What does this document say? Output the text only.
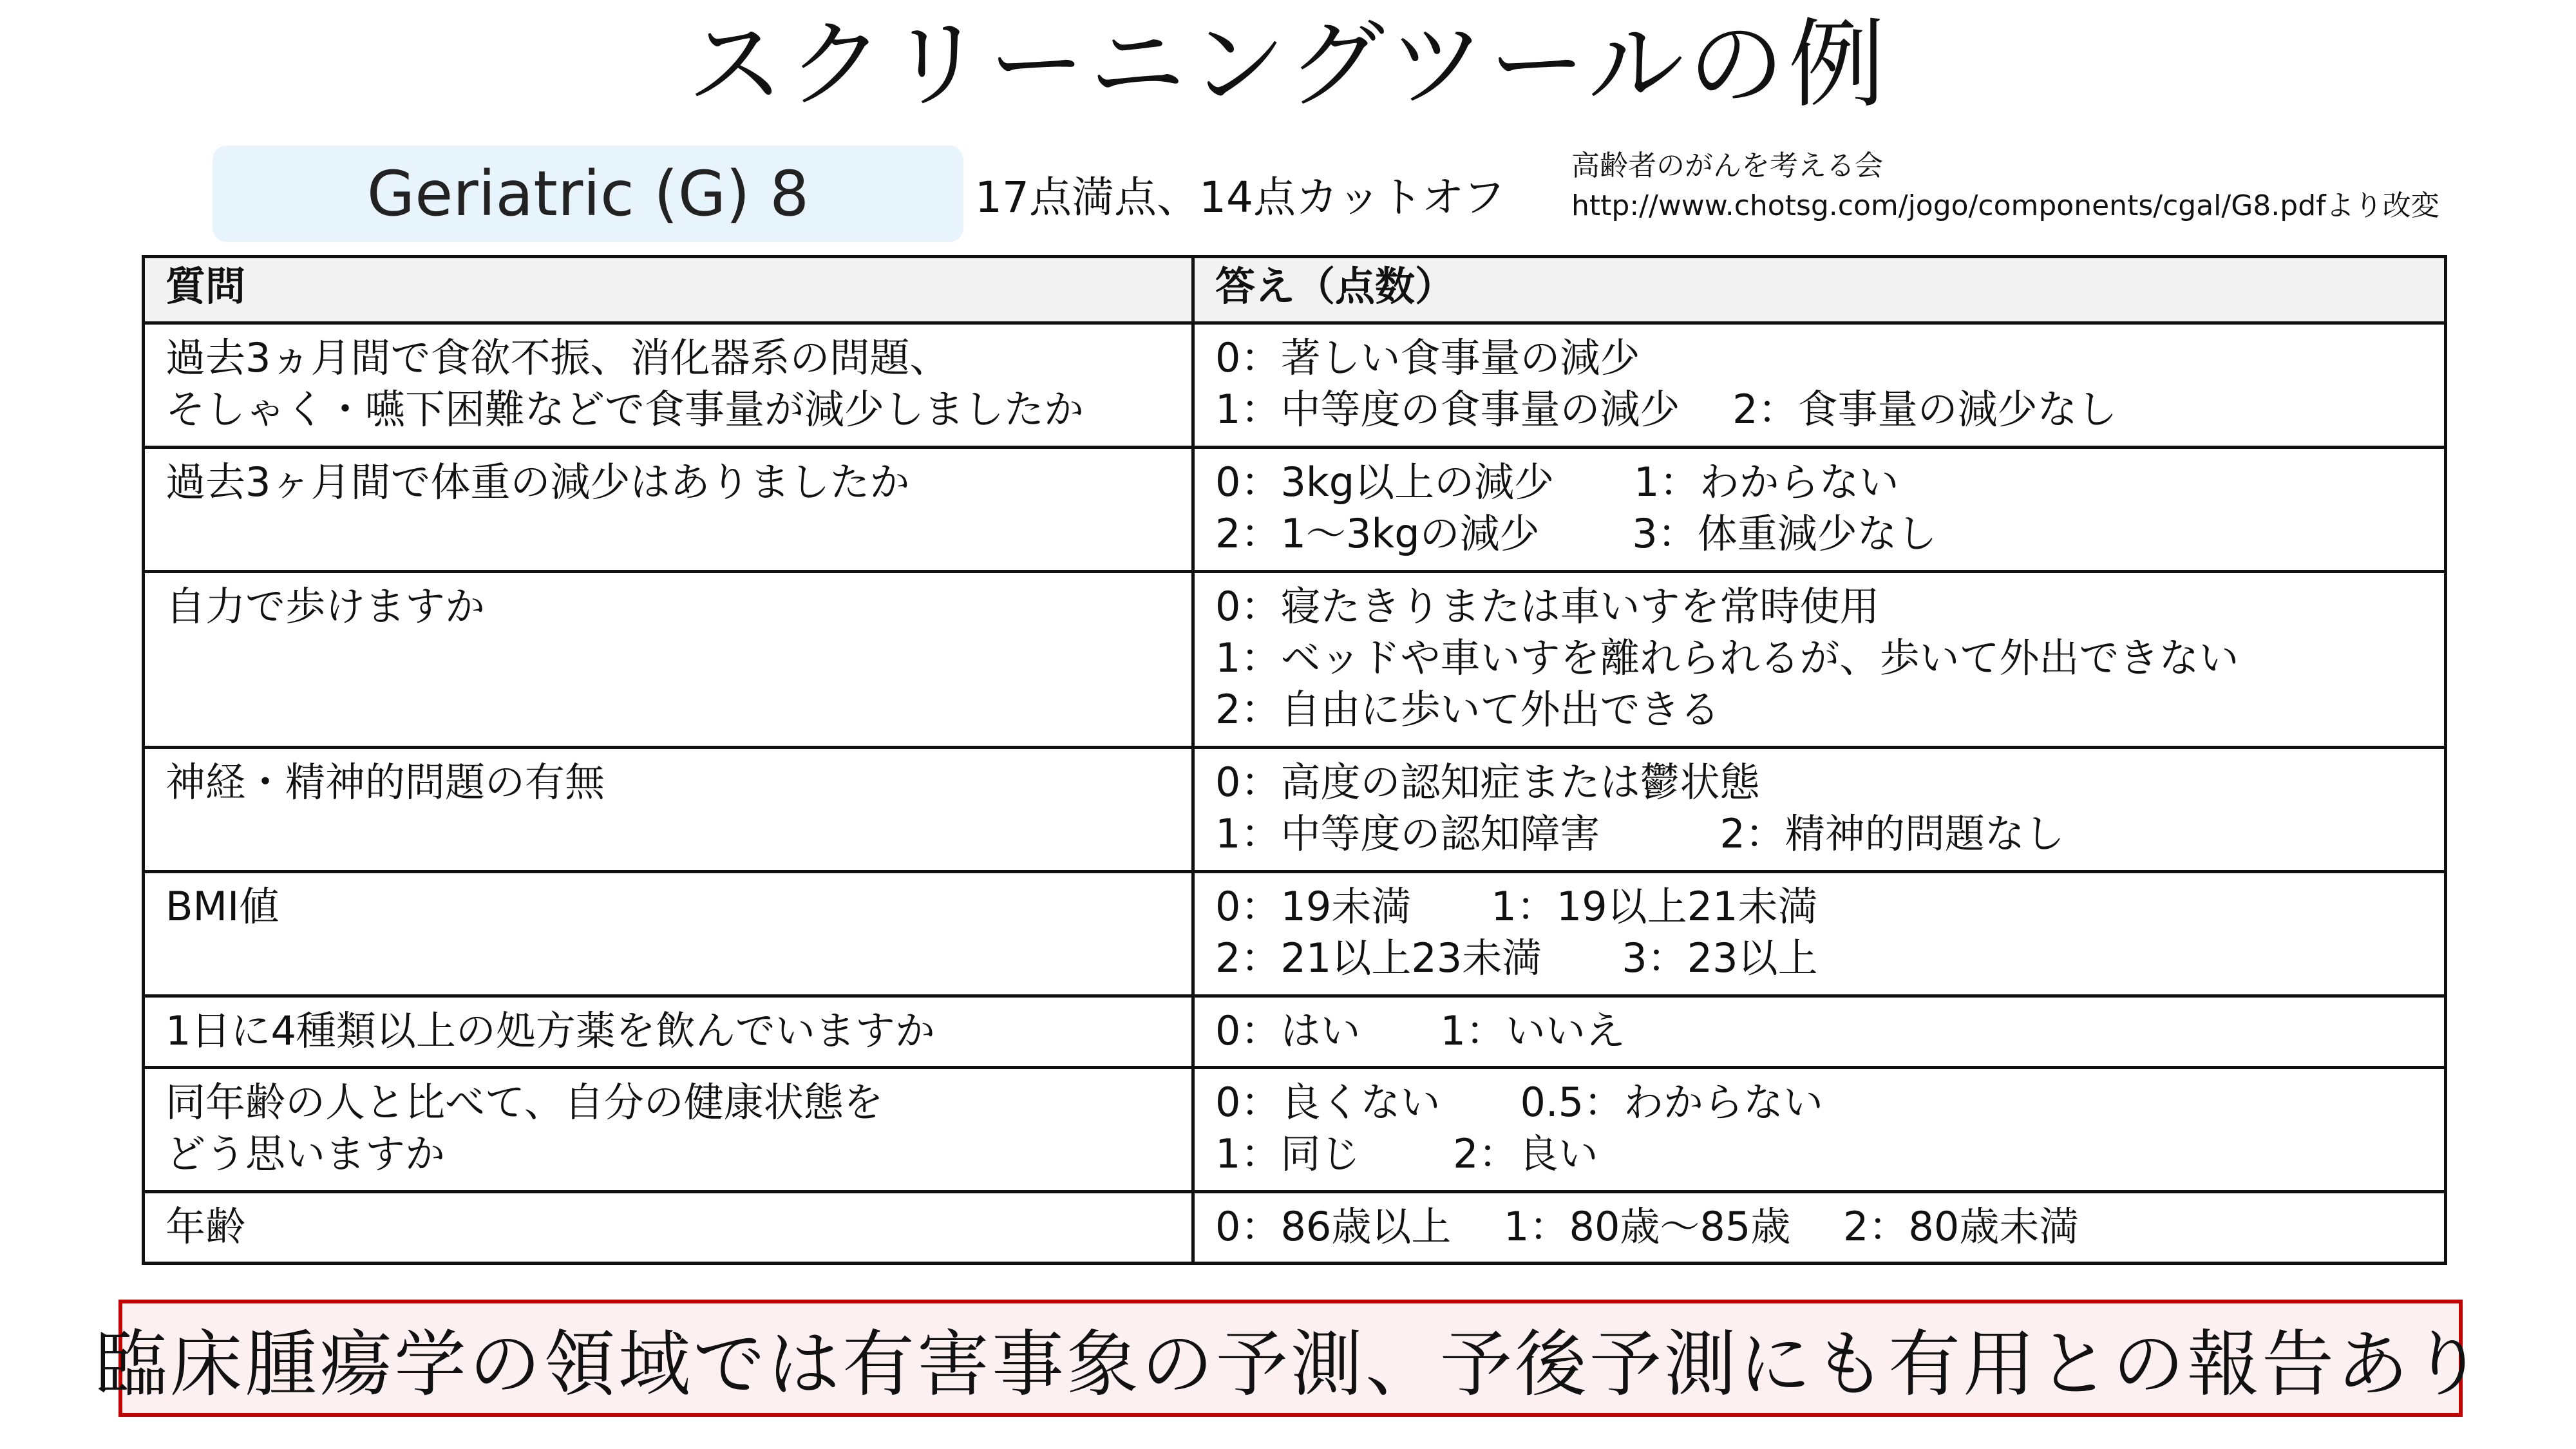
スクリーニングツールの例
Geriatric (G) 8	17点満点、14点カットオフ
高齢者のがんを考える会
http://www.chotsg.com/jogo/components/cgal/G8.pdfより改変
質問	答え（点数）
過去3ヵ月間で食欲不振、消化器系の問題、
そしゃく・嚥下困難などで食事量が減少しましたか	0：著しい食事量の減少
1：中等度の食事量の減少　 2：食事量の減少なし
過去3ヶ月間で体重の減少はありましたか	0：3kg以上の減少　　1：わからない
2：1～3kgの減少　　 3：体重減少なし
自力で歩けますか	0：寝たきりまたは車いすを常時使用
1：ベッドや車いすを離れられるが、歩いて外出できない
2：自由に歩いて外出できる
神経・精神的問題の有無	0：高度の認知症または鬱状態
1：中等度の認知障害　　　2：精神的問題なし
BMI値	0：19未満　　1：19以上21未満
2：21以上23未満　　3：23以上
1日に4種類以上の処方薬を飲んでいますか	0：はい　　1：いいえ
同年齢の人と比べて、自分の健康状態を
どう思いますか	0：良くない　　0.5：わからない
1：同じ　　 2：良い
年齢	0：86歳以上　 1：80歳～85歳　 2：80歳未満
臨床腫瘍学の領域では有害事象の予測、予後予測にも有用との報告あり
